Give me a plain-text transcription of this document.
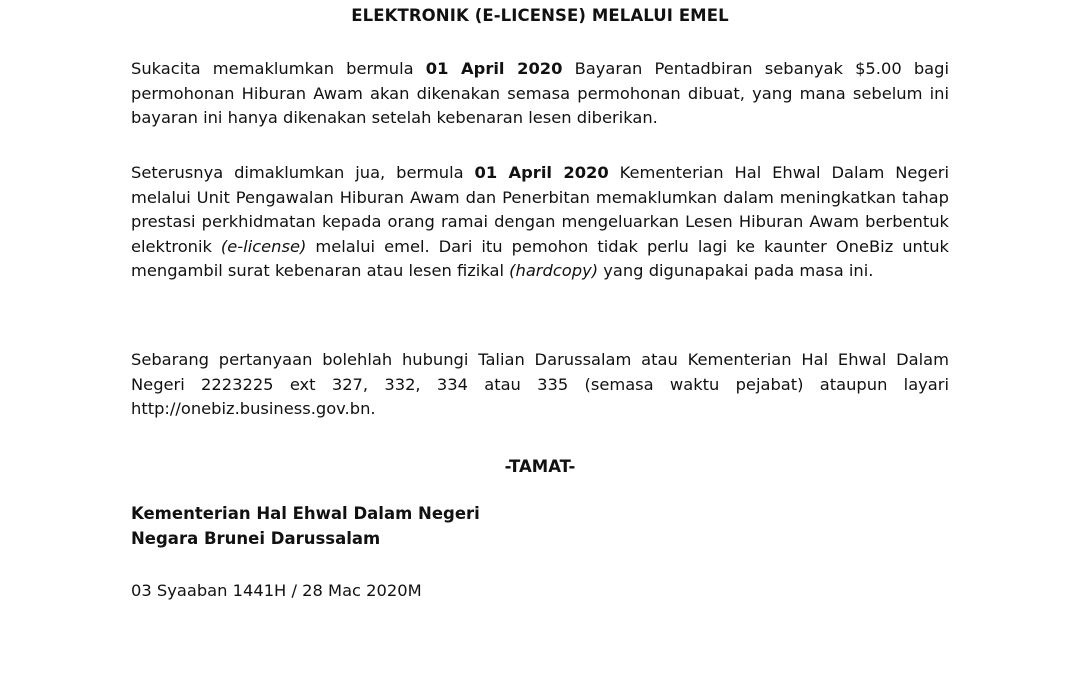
ELEKTRONIK (E-LICENSE) MELALUI EMEL

Sukacita memaklumkan bermula 01 April 2020 Bayaran Pentadbiran sebanyak $5.00 bagi permohonan Hiburan Awam akan dikenakan semasa permohonan dibuat, yang mana sebelum ini bayaran ini hanya dikenakan setelah kebenaran lesen diberikan.

Seterusnya dimaklumkan jua, bermula 01 April 2020 Kementerian Hal Ehwal Dalam Negeri melalui Unit Pengawalan Hiburan Awam dan Penerbitan memaklumkan dalam meningkatkan tahap prestasi perkhidmatan kepada orang ramai dengan mengeluarkan Lesen Hiburan Awam berbentuk elektronik (e-license) melalui emel. Dari itu pemohon tidak perlu lagi ke kaunter OneBiz untuk mengambil surat kebenaran atau lesen fizikal (hardcopy) yang digunapakai pada masa ini.

Sebarang pertanyaan bolehlah hubungi Talian Darussalam atau Kementerian Hal Ehwal Dalam Negeri 2223225 ext 327, 332, 334 atau 335 (semasa waktu pejabat) ataupun layari http://onebiz.business.gov.bn.

-TAMAT-
Kementerian Hal Ehwal Dalam Negeri
Negara Brunei Darussalam
03 Syaaban 1441H / 28 Mac 2020M
